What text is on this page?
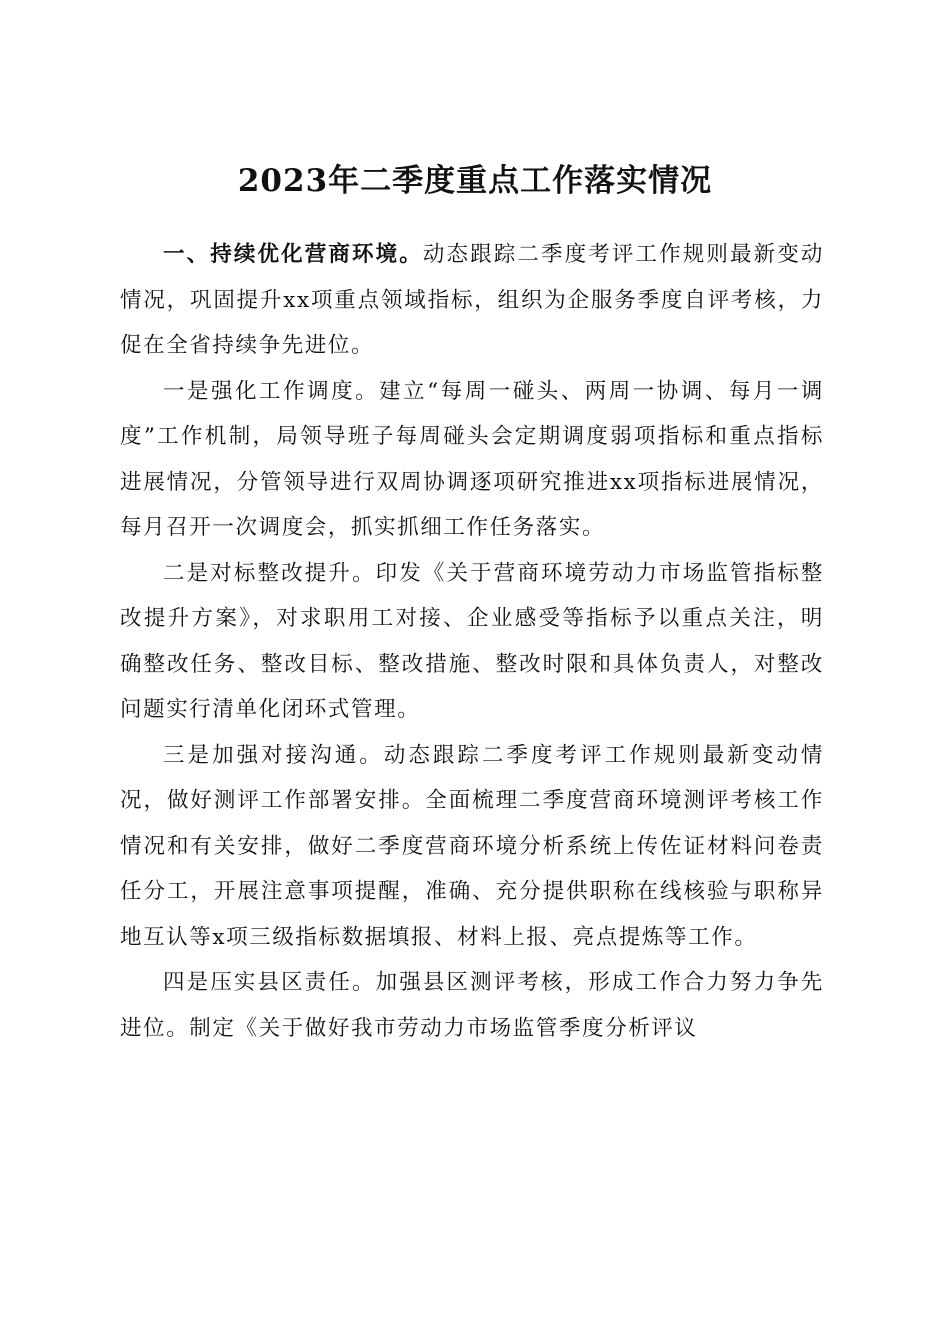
2023年二季度重点工作落实情况

一、持续优化营商环境。动态跟踪二季度考评工作规则最新变动情况，巩固提升xx项重点领域指标，组织为企服务季度自评考核，力促在全省持续争先进位。

一是强化工作调度。建立“每周一碰头、两周一协调、每月一调度”工作机制，局领导班子每周碰头会定期调度弱项指标和重点指标进展情况，分管领导进行双周协调逐项研究推进xx项指标进展情况，每月召开一次调度会，抓实抓细工作任务落实。

二是对标整改提升。印发《关于营商环境劳动力市场监管指标整改提升方案》，对求职用工对接、企业感受等指标予以重点关注，明确整改任务、整改目标、整改措施、整改时限和具体负责人，对整改问题实行清单化闭环式管理。

三是加强对接沟通。动态跟踪二季度考评工作规则最新变动情况，做好测评工作部署安排。全面梳理二季度营商环境测评考核工作情况和有关安排，做好二季度营商环境分析系统上传佐证材料问卷责任分工，开展注意事项提醒，准确、充分提供职称在线核验与职称异地互认等x项三级指标数据填报、材料上报、亮点提炼等工作。

四是压实县区责任。加强县区测评考核，形成工作合力努力争先进位。制定《关于做好我市劳动力市场监管季度分析评议
